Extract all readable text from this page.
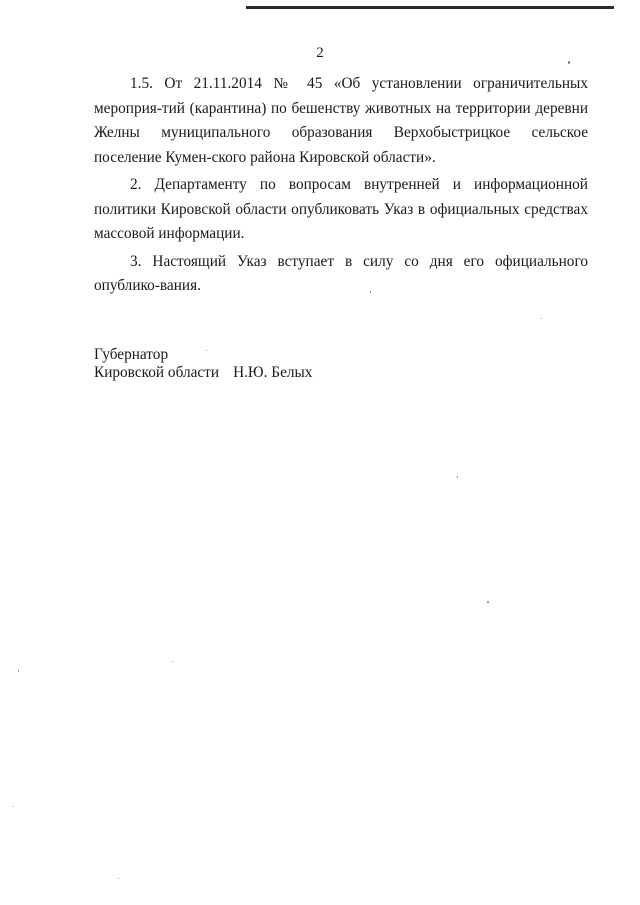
2

1.5. От 21.11.2014 № 45 «Об установлении ограничительных мероприя-тий (карантина) по бешенству животных на территории деревни Желны муниципального образования Верхобыстрицкое сельское поселение Кумен-ского района Кировской области».

2. Департаменту по вопросам внутренней и информационной политики Кировской области опубликовать Указ в официальных средствах массовой информации.

3. Настоящий Указ вступает в силу со дня его официального опублико-вания.

Губернатор
Кировской области Н.Ю. Белых
